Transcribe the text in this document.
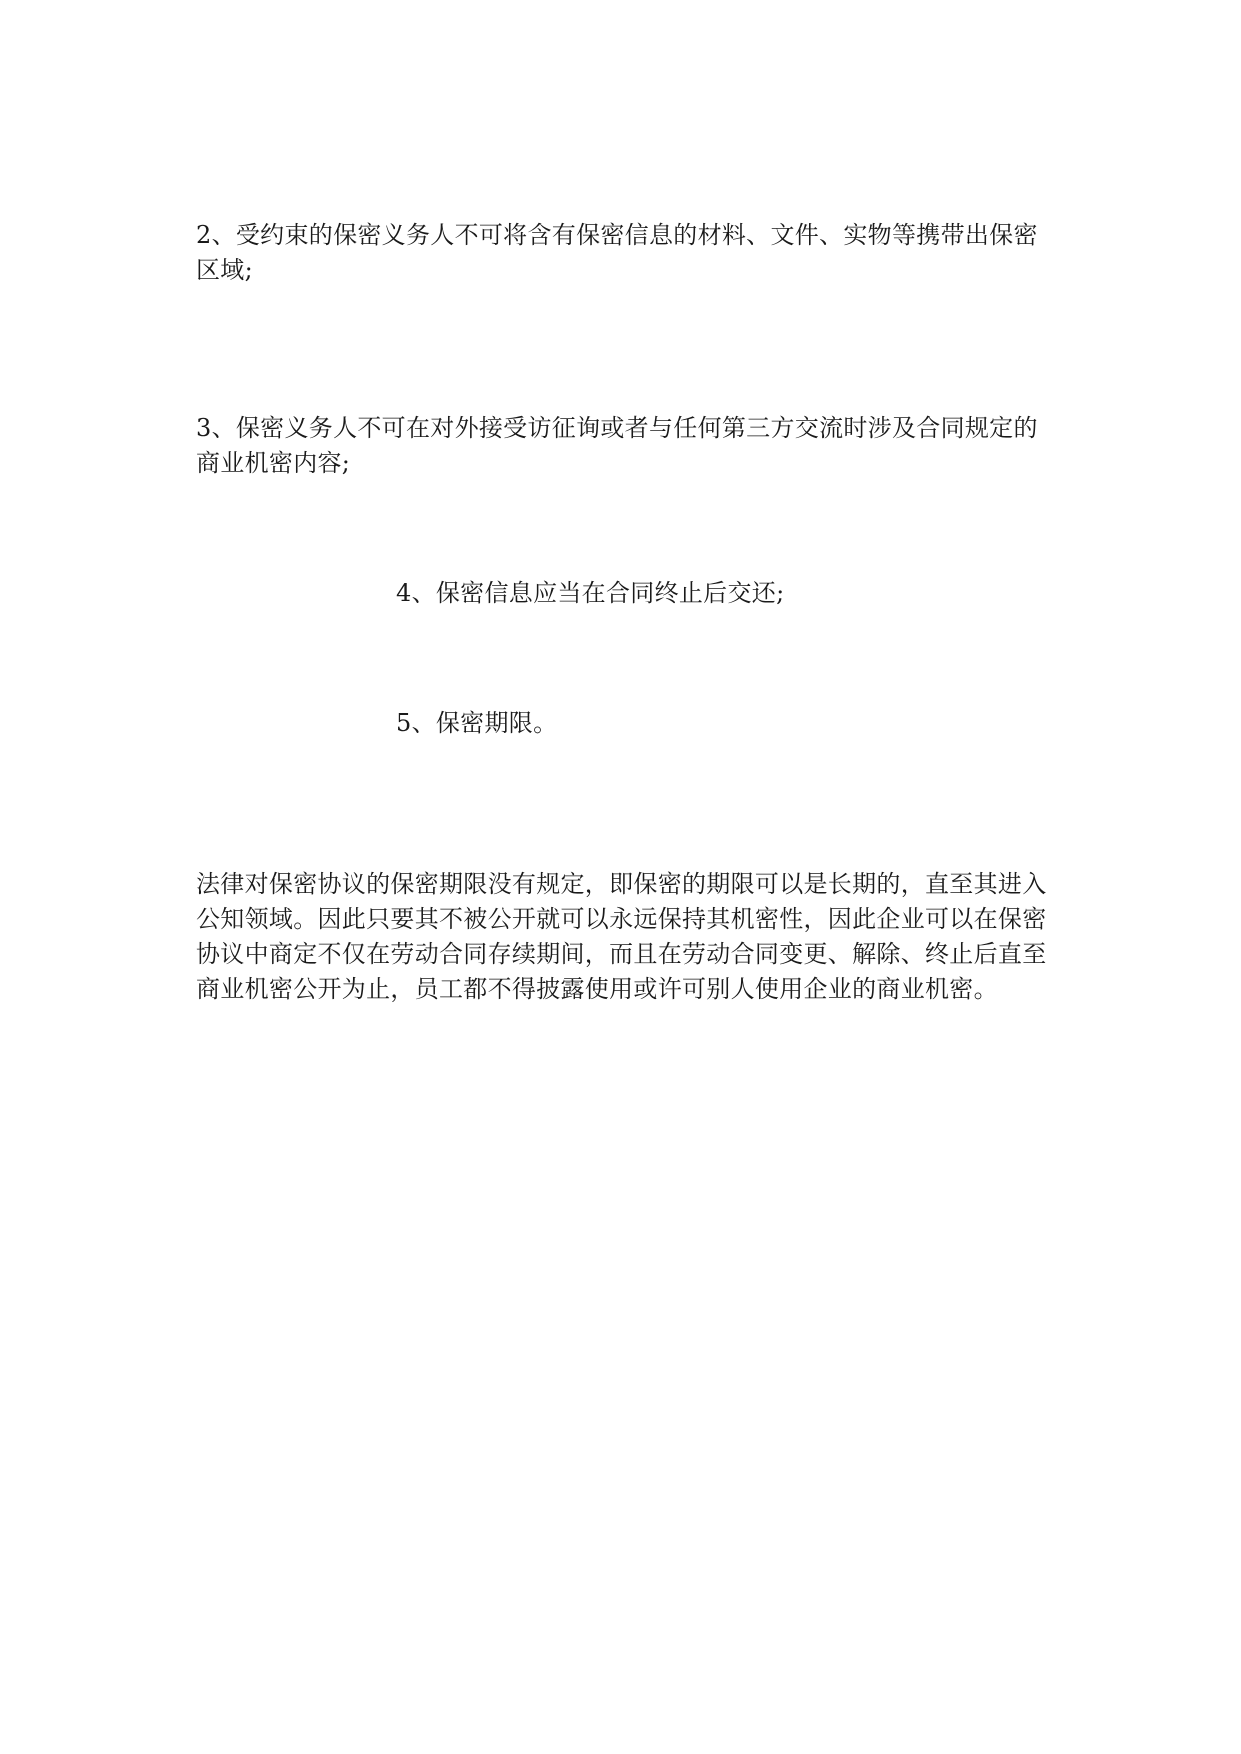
2、受约束的保密义务人不可将含有保密信息的材料、文件、实物等携带出保密区域;

3、保密义务人不可在对外接受访征询或者与任何第三方交流时涉及合同规定的商业机密内容;

4、保密信息应当在合同终止后交还;

5、保密期限。

法律对保密协议的保密期限没有规定，即保密的期限可以是长期的，直至其进入公知领域。因此只要其不被公开就可以永远保持其机密性，因此企业可以在保密协议中商定不仅在劳动合同存续期间，而且在劳动合同变更、解除、终止后直至商业机密公开为止，员工都不得披露使用或许可别人使用企业的商业机密。
